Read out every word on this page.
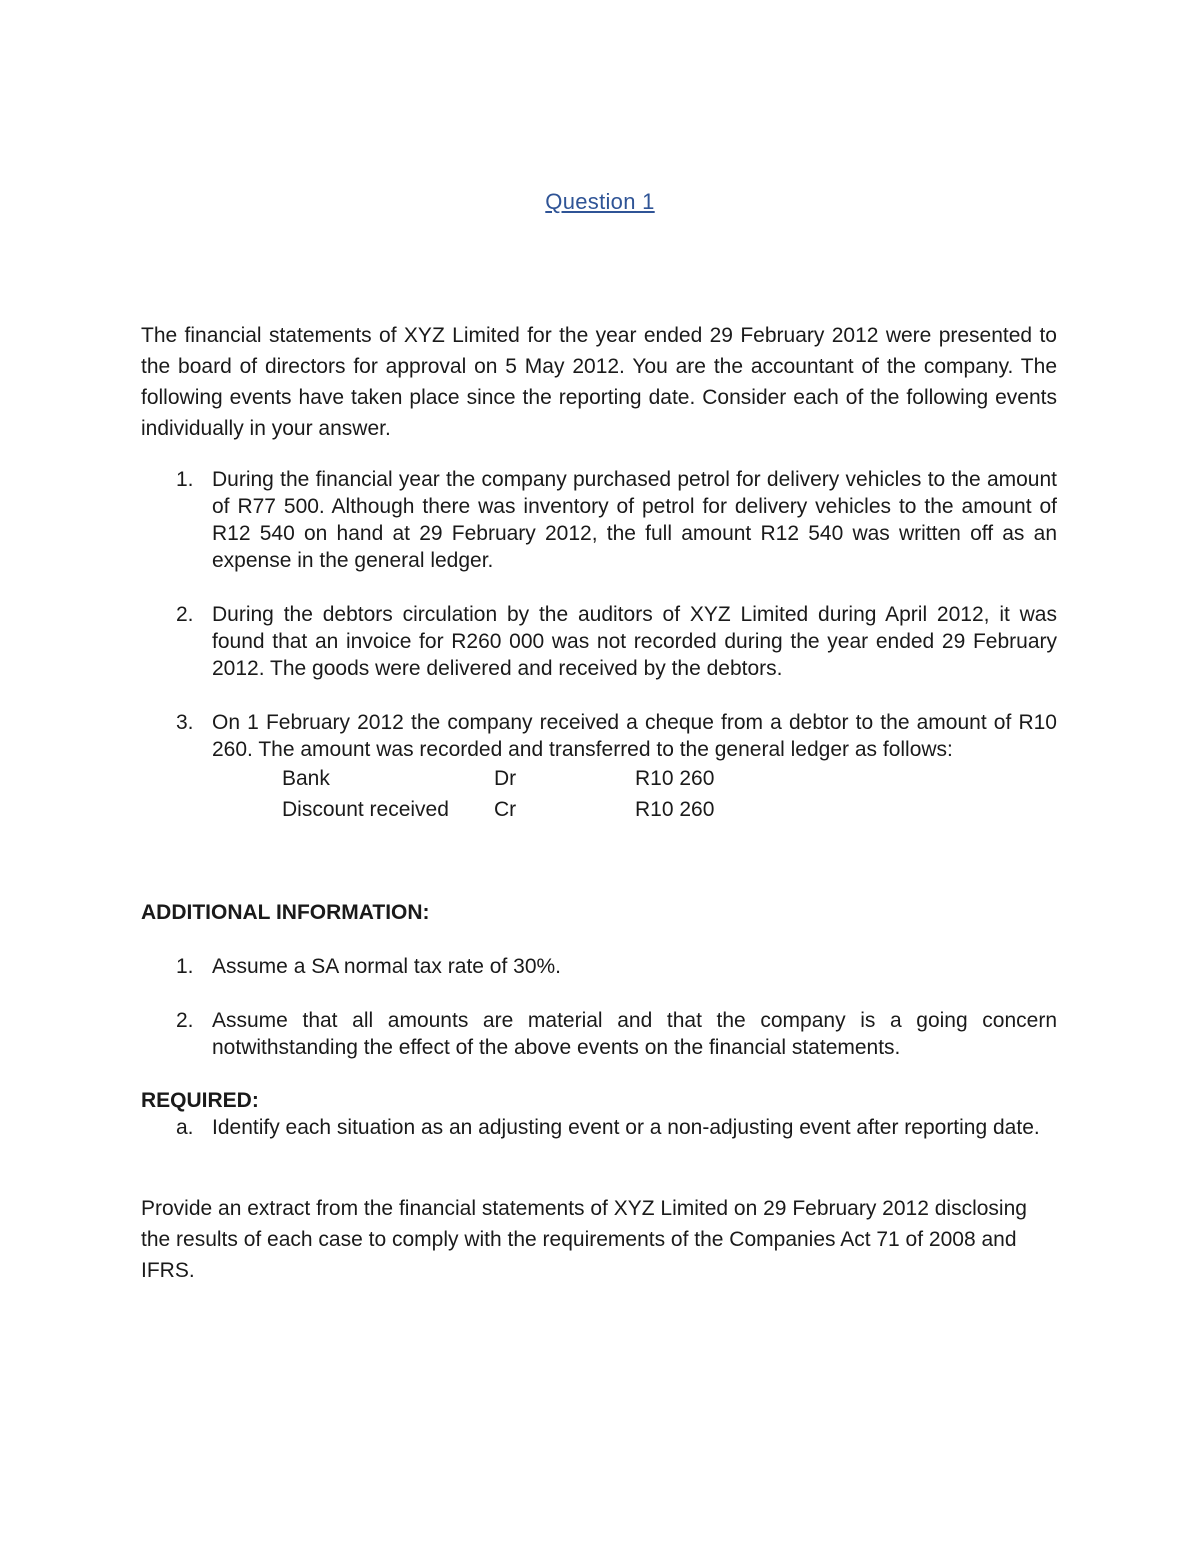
Question 1
The financial statements of XYZ Limited for the year ended 29 February 2012 were presented to the board of directors for approval on 5 May 2012. You are the accountant of the company. The following events have taken place since the reporting date. Consider each of the following events individually in your answer.
1. During the financial year the company purchased petrol for delivery vehicles to the amount of R77 500. Although there was inventory of petrol for delivery vehicles to the amount of R12 540 on hand at 29 February 2012, the full amount R12 540 was written off as an expense in the general ledger.
2. During the debtors circulation by the auditors of XYZ Limited during April 2012, it was found that an invoice for R260 000 was not recorded during the year ended 29 February 2012. The goods were delivered and received by the debtors.
3. On 1 February 2012 the company received a cheque from a debtor to the amount of R10 260. The amount was recorded and transferred to the general ledger as follows:
Bank	Dr	R10 260
Discount received	Cr	R10 260
ADDITIONAL INFORMATION:
1. Assume a SA normal tax rate of 30%.
2. Assume that all amounts are material and that the company is a going concern notwithstanding the effect of the above events on the financial statements.
REQUIRED:
a. Identify each situation as an adjusting event or a non-adjusting event after reporting date.
Provide an extract from the financial statements of XYZ Limited on 29 February 2012 disclosing the results of each case to comply with the requirements of the Companies Act 71 of 2008 and IFRS.
